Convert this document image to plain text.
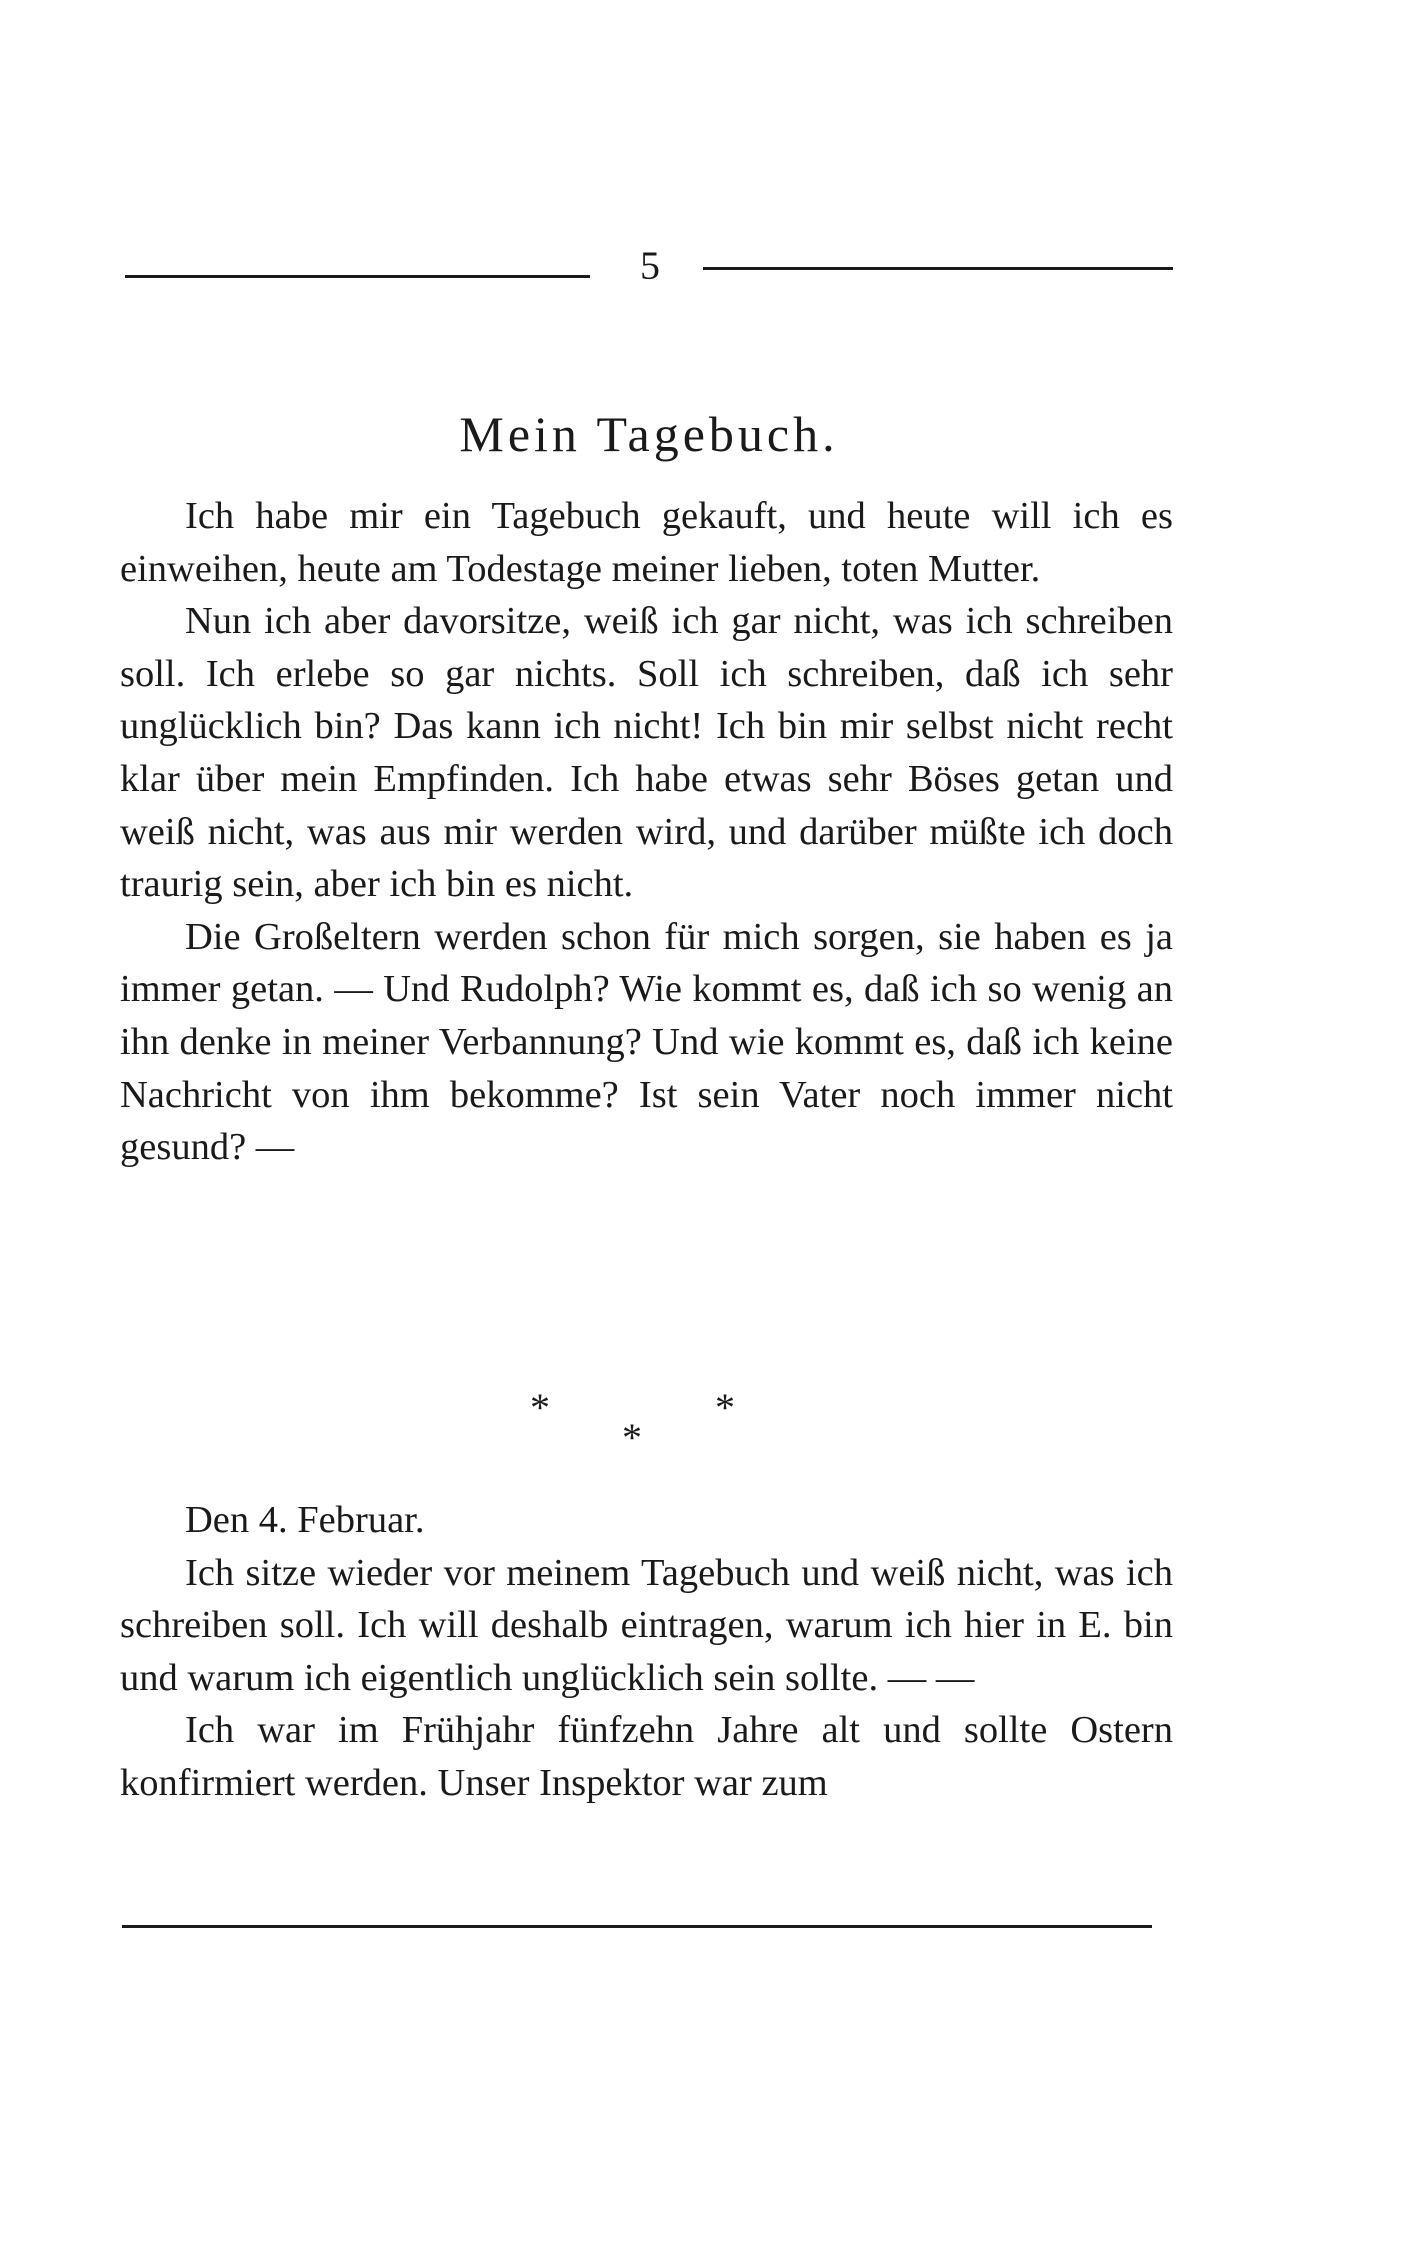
5
Mein Tagebuch.

Ich habe mir ein Tagebuch gekauft, und heute will ich es einweihen, heute am Todestage meiner lieben, toten Mutter.

Nun ich aber davorsitze, weiß ich gar nicht, was ich schreiben soll. Ich erlebe so gar nichts. Soll ich schreiben, daß ich sehr unglücklich bin? Das kann ich nicht! Ich bin mir selbst nicht recht klar über mein Empfinden. Ich habe etwas sehr Böses getan und weiß nicht, was aus mir werden wird, und darüber müßte ich doch traurig sein, aber ich bin es nicht.

Die Großeltern werden schon für mich sorgen, sie haben es ja immer getan. — Und Rudolph? Wie kommt es, daß ich so wenig an ihn denke in meiner Verbannung? Und wie kommt es, daß ich keine Nachricht von ihm bekomme? Ist sein Vater noch immer nicht gesund? —

*	*
*

Den 4. Februar.

Ich sitze wieder vor meinem Tagebuch und weiß nicht, was ich schreiben soll. Ich will deshalb eintragen, warum ich hier in E. bin und warum ich eigentlich unglücklich sein sollte. — —

Ich war im Frühjahr fünfzehn Jahre alt und sollte Ostern konfirmiert werden. Unser Inspektor war zum
